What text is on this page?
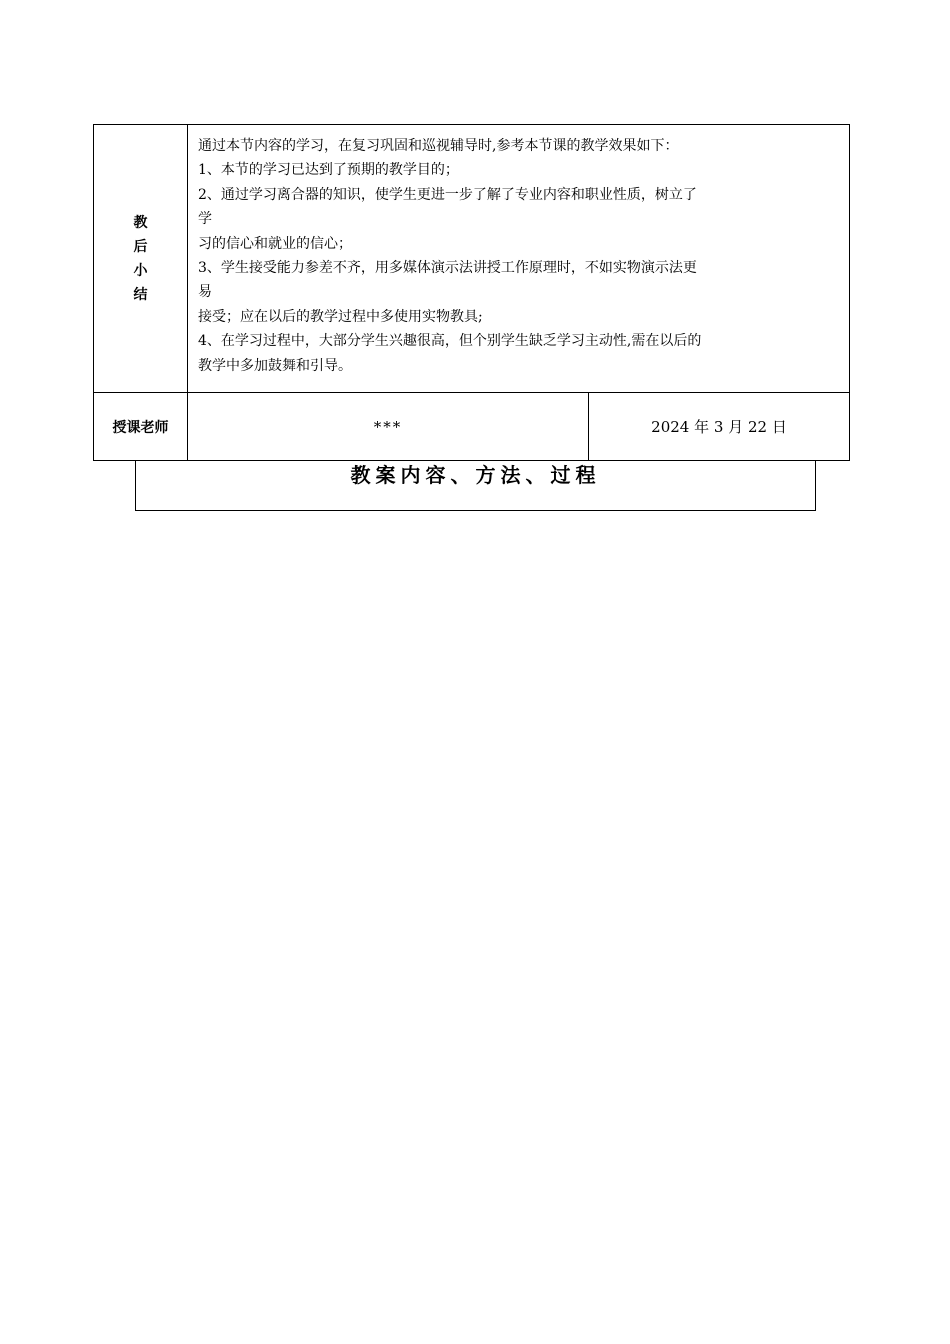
教
后
小
结

通过本节内容的学习，在复习巩固和巡视辅导时,参考本节课的教学效果如下：

1、本节的学习已达到了预期的教学目的；

2、通过学习离合器的知识，使学生更进一步了解了专业内容和职业性质，树立了
学
习的信心和就业的信心；

3、学生接受能力参差不齐，用多媒体演示法讲授工作原理时，不如实物演示法更
易
接受；应在以后的教学过程中多使用实物教具;

4、在学习过程中，大部分学生兴趣很高，但个别学生缺乏学习主动性,需在以后的
教学中多加鼓舞和引导。

授课老师	***	2024 年 3 月 22 日
教案内容、方法、过程
